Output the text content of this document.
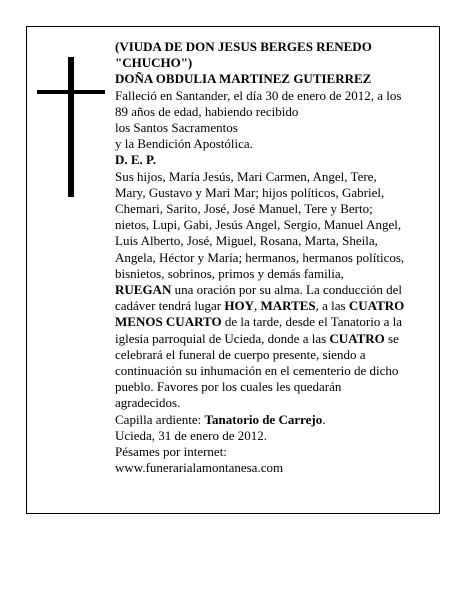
(VIUDA DE DON JESUS BERGES RENEDO

"CHUCHO")

DOÑA OBDULIA MARTINEZ GUTIERREZ

Falleció en Santander, el día 30 de enero de 2012, a los

89 años de edad, habiendo recibido

los Santos Sacramentos

y la Bendición Apostólica.

D. E. P.

Sus hijos, María Jesús, Mari Carmen, Angel, Tere,

Mary, Gustavo y Mari Mar; hijos políticos, Gabriel,

Chemari, Sarito, José, José Manuel, Tere y Berto;

nietos, Lupi, Gabi, Jesús Angel, Sergio, Manuel Angel,

Luis Alberto, José, Miguel, Rosana, Marta, Sheila,

Angela, Héctor y María; hermanos, hermanos políticos,

bisnietos, sobrinos, primos y demás familia,

RUEGAN una oración por su alma. La conducción del

cadáver tendrá lugar HOY, MARTES, a las CUATRO

MENOS CUARTO de la tarde, desde el Tanatorio a la

iglesia parroquial de Ucieda, donde a las CUATRO se

celebrará el funeral de cuerpo presente, siendo a

continuación su inhumación en el cementerio de dicho

pueblo. Favores por los cuales les quedarán

agradecidos.

Capilla ardiente: Tanatorio de Carrejo.

Ucieda, 31 de enero de 2012.

Pésames por internet:

www.funerarialamontanesa.com
